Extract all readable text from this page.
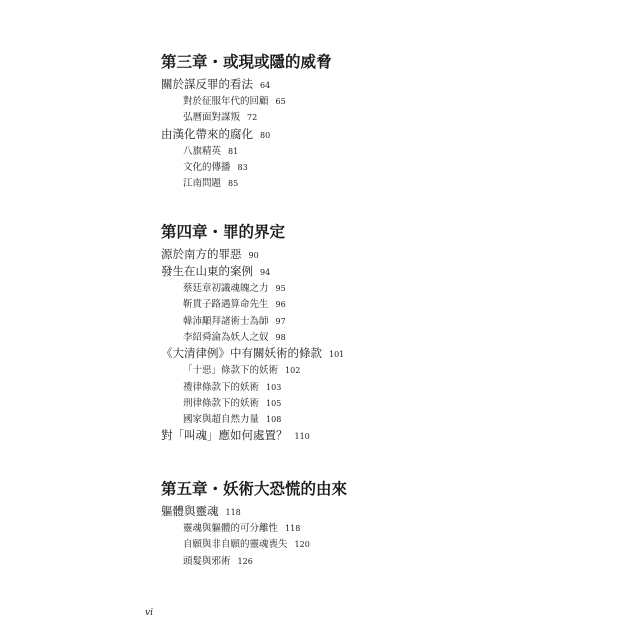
第三章・或現或隱的威脅
關於謀反罪的看法 64
對於征服年代的回顧 65
弘曆面對謀叛 72
由漢化帶來的腐化 80
八旗精英 81
文化的傳播 83
江南問題 85
第四章・罪的界定
源於南方的罪惡 90
發生在山東的案例 94
蔡廷章初識魂魄之力 95
靳貫子路遇算命先生 96
韓沛顒拜諸術士為師 97
李紹舜淪為妖人之奴 98
《大清律例》中有關妖術的條款 101
「十惡」條款下的妖術 102
禮律條款下的妖術 103
刑律條款下的妖術 105
國家與超自然力量 108
對「叫魂」應如何處置？ 110
第五章・妖術大恐慌的由來
軀體與靈魂 118
靈魂與軀體的可分離性 118
自願與非自願的靈魂喪失 120
頭髮與邪術 126
vi
